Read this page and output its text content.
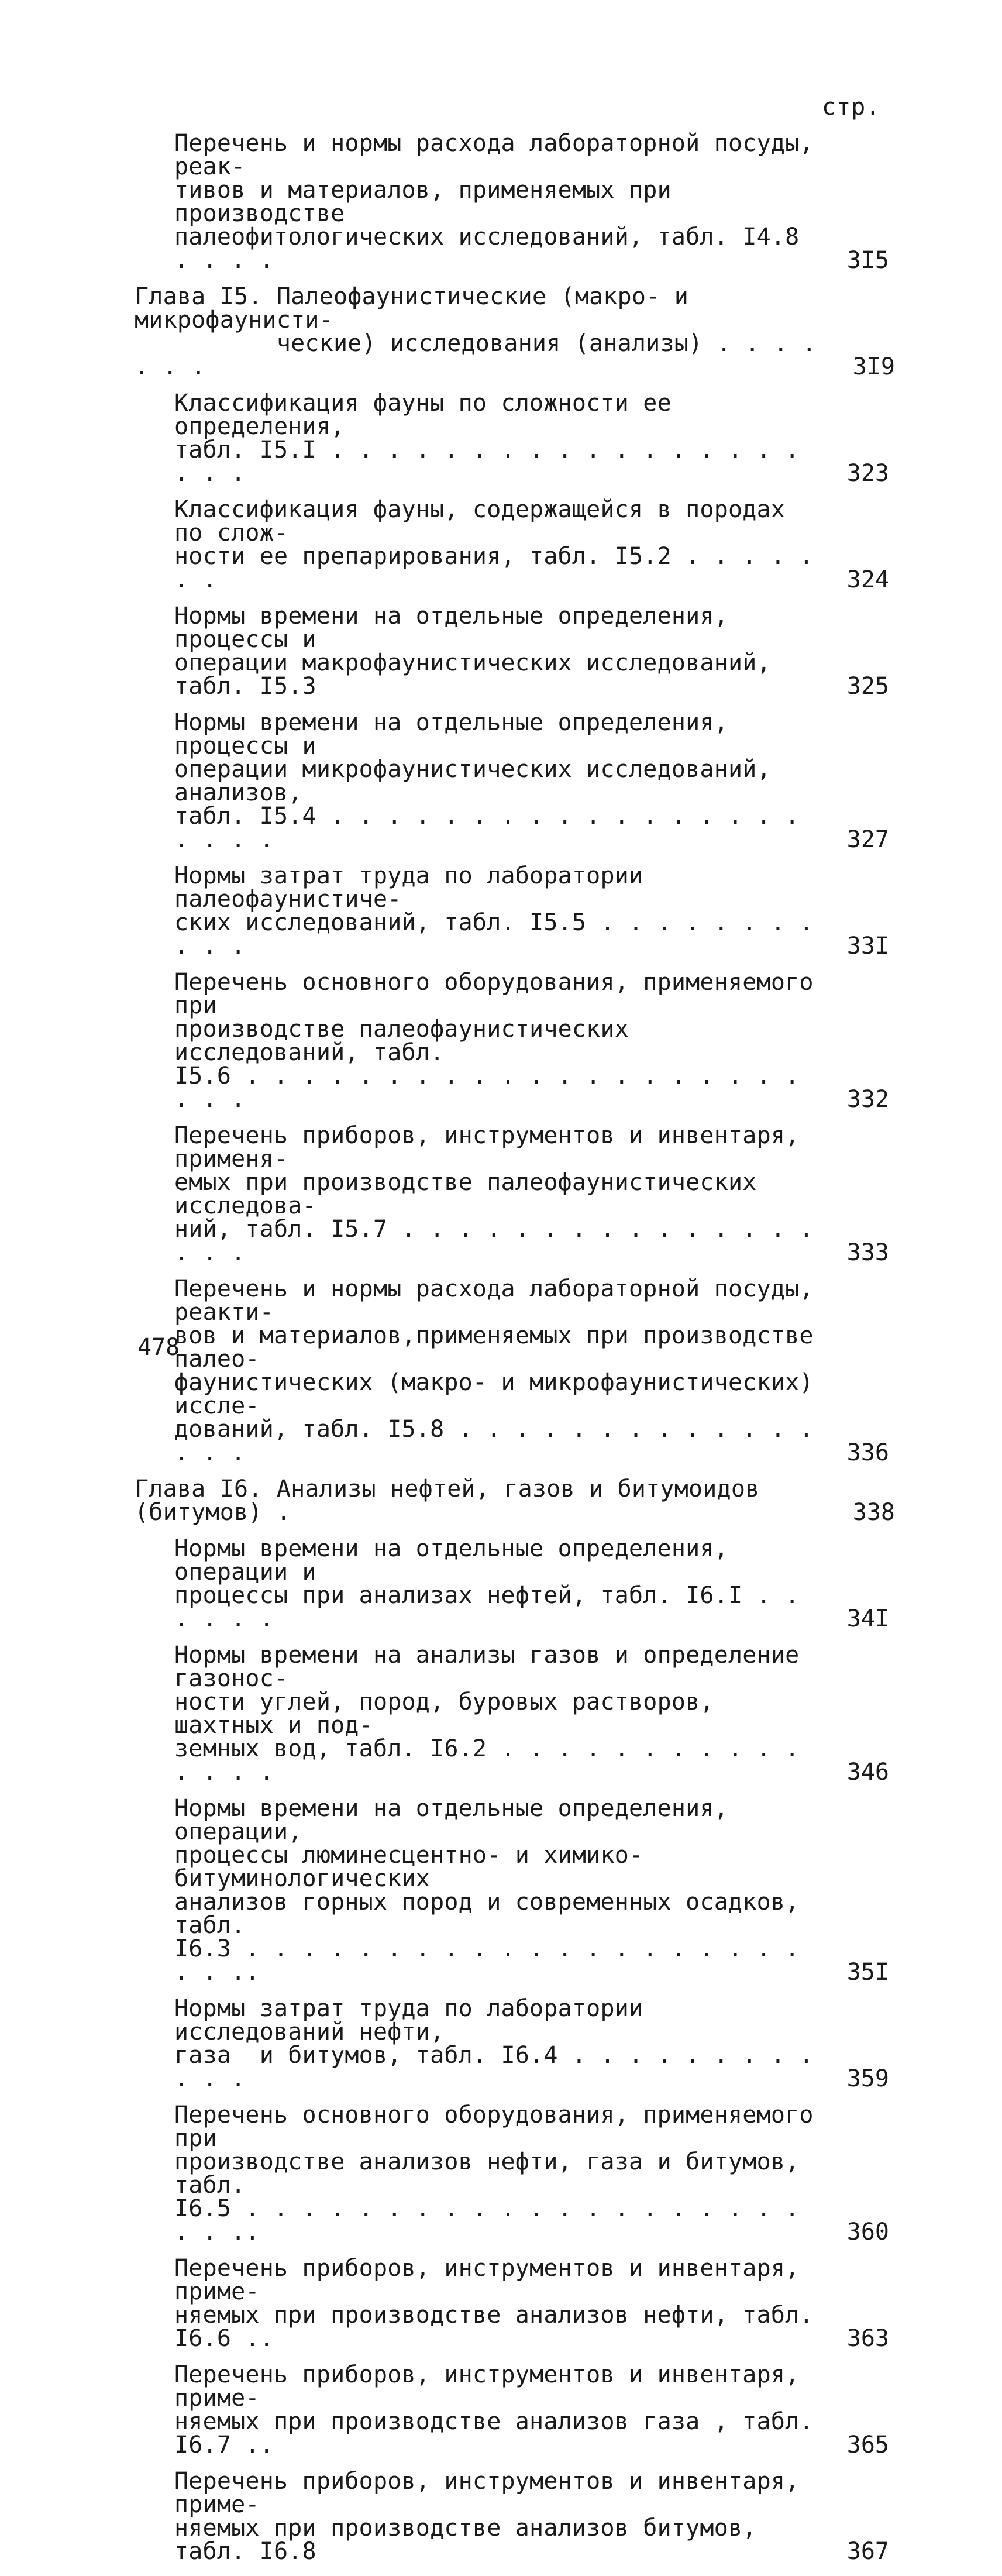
стр.
Перечень и нормы расхода лабораторной посуды, реак-
тивов и материалов, применяемых при производстве
палеофитологических исследований, табл. I4.8 . . . .	3I5
Глава I5. Палеофаунистические (макро- и микрофаунисти-
ческие) исследования (анализы) . . . . . . .	3I9
Классификация фауны по сложности ее определения,
табл. I5.I . . . . . . . . . . . . . . . . . . . .	323
Классификация фауны, содержащейся в породах по слож-
ности ее препарирования, табл. I5.2 . . . . . . .	324
Нормы времени на отдельные определения, процессы и
операции макрофаунистических исследований, табл. I5.3	325
Нормы времени на отдельные определения, процессы и
операции микрофаунистических исследований, анализов,
табл. I5.4 . . . . . . . . . . . . . . . . . . . . .	327
Нормы затрат труда по лаборатории палеофаунистиче-
ских исследований, табл. I5.5 . . . . . . . . . . .	33I
Перечень основного оборудования, применяемого при
производстве палеофаунистических исследований, табл.
I5.6 . . . . . . . . . . . . . . . . . . . . . . .	332
Перечень приборов, инструментов и инвентаря, применя-
емых при производстве палеофаунистических исследова-
ний, табл. I5.7 . . . . . . . . . . . . . . . . . .	333
Перечень и нормы расхода лабораторной посуды, реакти-
вов и материалов,применяемых при производстве палео-
фаунистических (макро- и микрофаунистических) иссле-
дований, табл. I5.8 . . . . . . . . . . . . . . . .	336
Глава I6. Анализы нефтей, газов и битумоидов (битумов) .	338
Нормы времени на отдельные определения, операции и
процессы при анализах нефтей, табл. I6.I . . . . . .	34I
Нормы времени на анализы газов и определение газонос-
ности углей, пород, буровых растворов, шахтных и под-
земных вод, табл. I6.2 . . . . . . . . . . . . . . .	346
Нормы времени на отдельные определения, операции,
процессы люминесцентно- и химико-битуминологических
анализов горных пород и современных осадков, табл.
I6.3 . . . . . . . . . . . . . . . . . . . . . . ..	35I
Нормы затрат труда по лаборатории исследований нефти,
газа  и битумов, табл. I6.4 . . . . . . . . . . . .	359
Перечень основного оборудования, применяемого при
производстве анализов нефти, газа и битумов, табл.
I6.5 . . . . . . . . . . . . . . . . . . . . . . ..	360
Перечень приборов, инструментов и инвентаря, приме-
няемых при производстве анализов нефти, табл. I6.6 ..	363
Перечень приборов, инструментов и инвентаря, приме-
няемых при производстве анализов газа , табл. I6.7 ..	365
Перечень приборов, инструментов и инвентаря, приме-
няемых при производстве анализов битумов, табл. I6.8	367
478
